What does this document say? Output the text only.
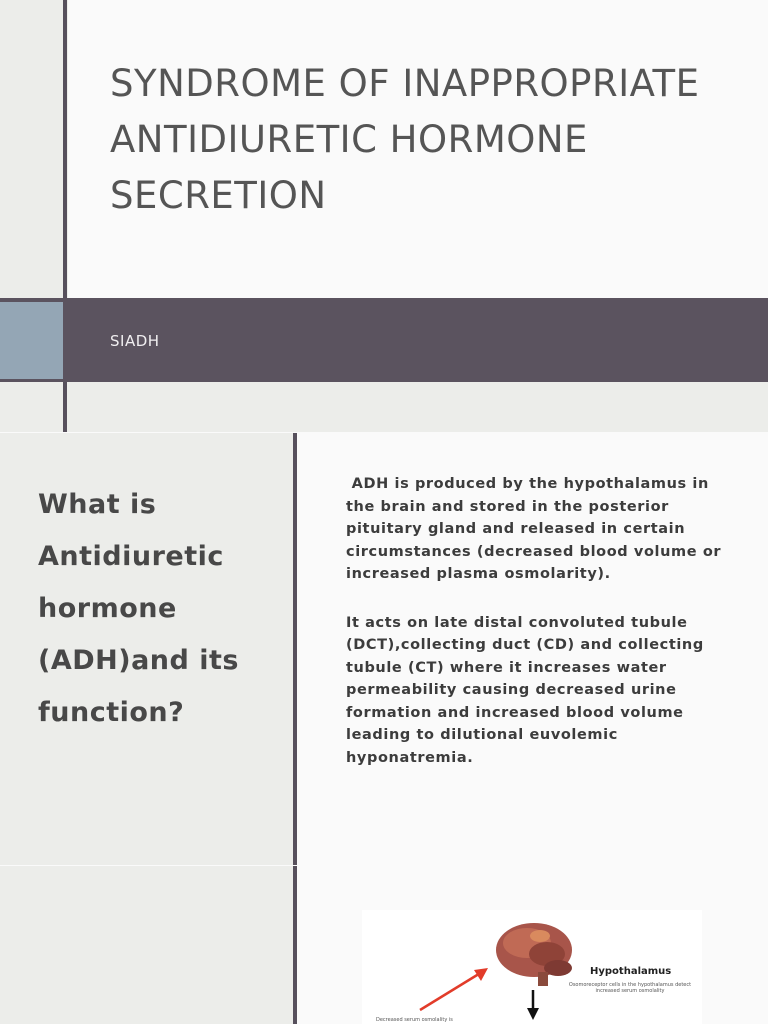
SYNDROME OF INAPPROPRIATE ANTIDIURETIC HORMONE SECRETION
SIADH
What is Antidiuretic hormone (ADH)and its function?

ADH is produced by the hypothalamus in the brain and stored in the posterior pituitary gland and released in certain circumstances (decreased blood volume or increased plasma osmolarity).

It acts on late distal convoluted tubule (DCT),collecting duct (CD) and collecting tubule (CT) where it increases water permeability causing decreased urine formation and increased blood volume leading to dilutional euvolemic hyponatremia.

Hypothalamus
Osomoreceptor cells in the hypothalamus detect increased serum osmolality
Decreased serum osmolality is
